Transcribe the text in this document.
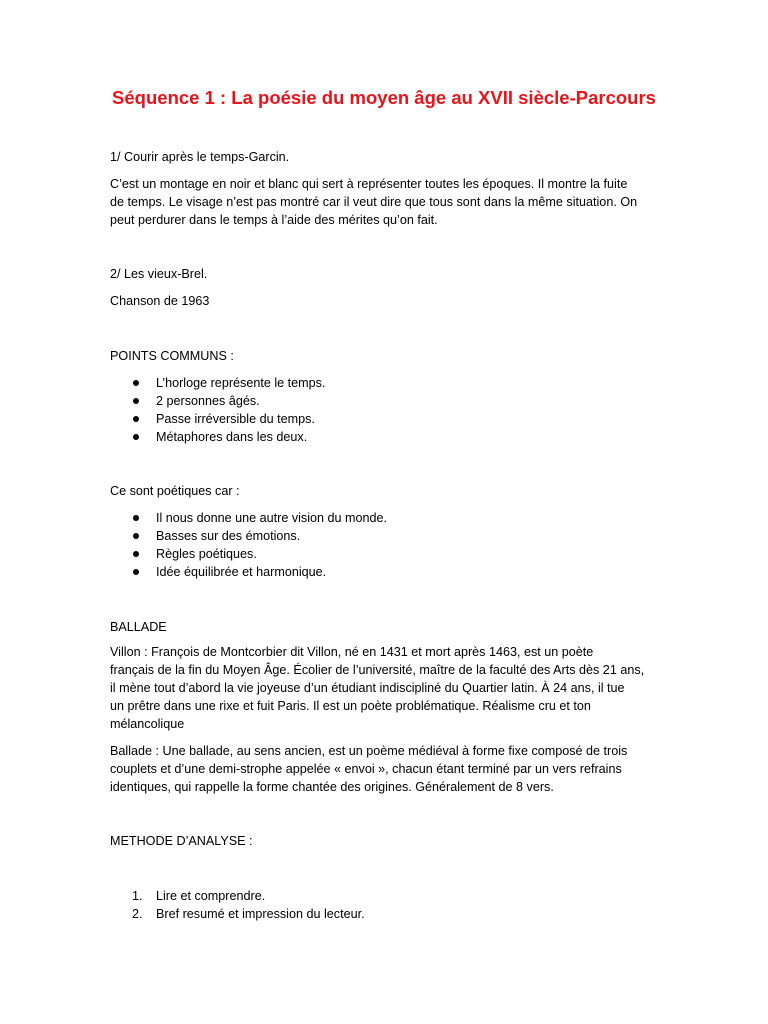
Séquence 1 : La poésie du moyen âge au XVII siècle-Parcours
1/ Courir après le temps-Garcin.
C’est un montage en noir et blanc qui sert à représenter toutes les époques. Il montre la fuite
de temps. Le visage n’est pas montré car il veut dire que tous sont dans la même situation. On
peut perdurer dans le temps à l’aide des mérites qu’on fait.
2/ Les vieux-Brel.
Chanson de 1963
POINTS COMMUNS :
L’horloge représente le temps.
2 personnes âgés.
Passe irréversible du temps.
Métaphores dans les deux.
Ce sont poétiques car :
Il nous donne une autre vision du monde.
Basses sur des émotions.
Règles poétiques.
Idée équilibrée et harmonique.
BALLADE
Villon : François de Montcorbier dit Villon, né en 1431 et mort après 1463, est un poète
français de la fin du Moyen Âge. Écolier de l’université, maître de la faculté des Arts dès 21 ans,
il mène tout d’abord la vie joyeuse d’un étudiant indiscipliné du Quartier latin. À 24 ans, il tue
un prêtre dans une rixe et fuit Paris. Il est un poète problématique. Réalisme cru et ton
mélancolique
Ballade : Une ballade, au sens ancien, est un poème médiéval à forme fixe composé de trois
couplets et d’une demi-strophe appelée « envoi », chacun étant terminé par un vers refrains
identiques, qui rappelle la forme chantée des origines. Généralement de 8 vers.
METHODE D’ANALYSE :
1.	Lire et comprendre.
2.	Bref resumé et impression du lecteur.
